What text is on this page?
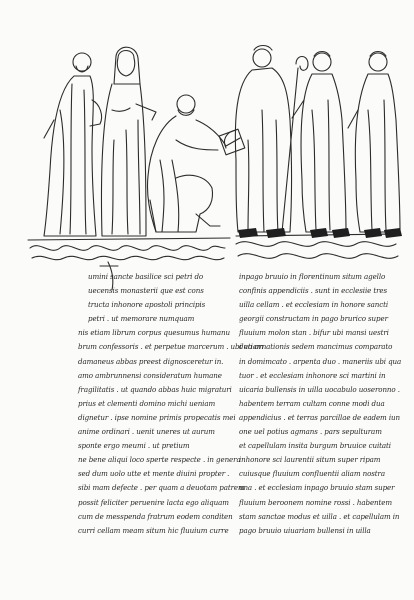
umini sancte basilice sci petri do
uecensis monasterii que est cons
tructa inhonore apostoli principis
petri . ut memorare numquam
nis etiam librum corpus quesumus humanu
brum confessoris . et perpetue marcerum . ubi etiam
damaneus abbas preest dignosceretur in.
amo ambrunnensi consideratum humane
fragilitatis . ut quando abbas huic migraturi
prius et clementi domino michi ueniam
dignetur . ipse nomine primis propecatis mei
anime ordinari . uenit uneres ut aurum
sponte ergo meumi . ut pretium
ne bene aliqui loco sperte respecte . in genera
sed dum uolo utte et mente diuini propter .
sibi mam defecte . per quam a deuotam patrem
possit feliciter peruenire lacta ego aliquam
cum de messpenda fratrum eodem conditen
curri cellam meam situm hic fluuium curre
inpago bruuio in florentinum situm agello
confinis appendiciis . sunt in ecclesiie tres
uilla cellam . et ecclesiam in honore sancti
georgii constructam in pago brurico super
fluuium molon stan . bifur ubi mansi uestri
duo ornationis sedem mancimus comparato
in domimcato . arpenta duo . maneriis ubi qua
tuor . et ecclesiam inhonore sci martini in
uicaria bullensis in uilla uocabulo uoseronno .
habentem terram cultam conne modi dua
appendicius . et terras parcillae de eadem iun
one uel potius agmans . pars sepulturam
et capellulam insita burgum bruuice cuitati
inhonore sci laurentii situm super ripam
cuiusque fluuium confluentii aliam nostra
una . et ecclesiam inpago bruuio stam super
fluuium beroonem nomine rossi . habentem
stam sanctae modus et uilla . et capellulam in
pago bruuio uiuariam bullensi in uilla
